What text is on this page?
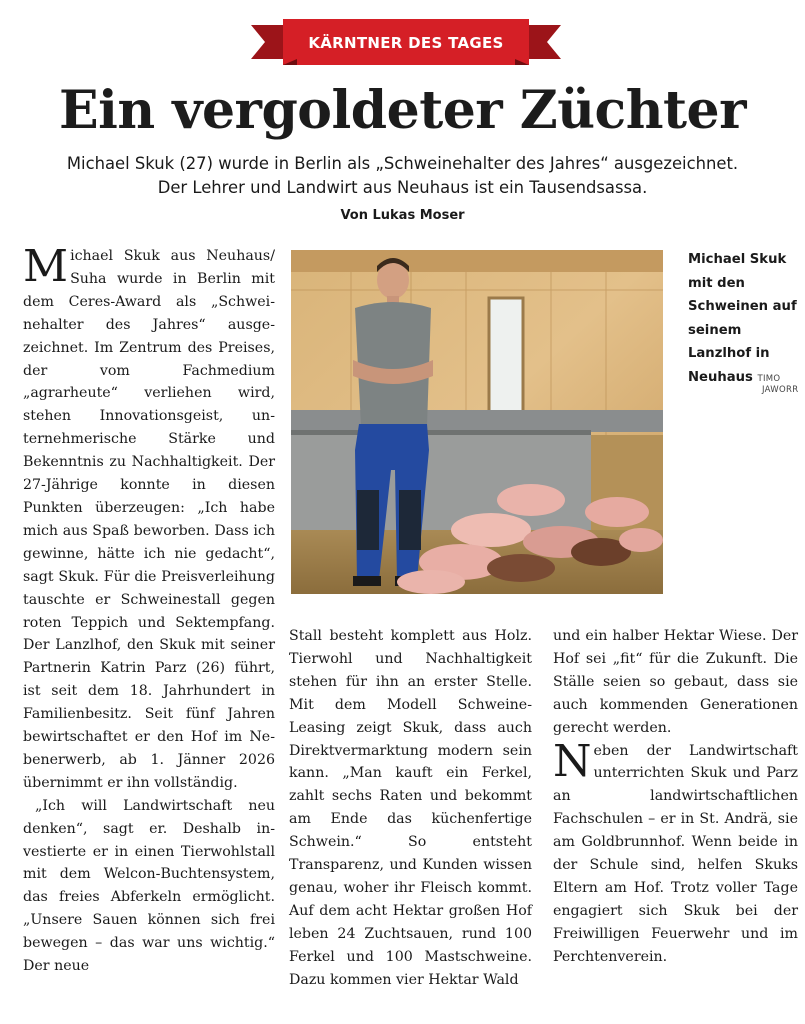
KÄRNTNER DES TAGES
Ein vergoldeter Züchter
Michael Skuk (27) wurde in Berlin als „Schweinehalter des Jahres“ ausgezeichnet. Der Lehrer und Landwirt aus Neuhaus ist ein Tausendsassa.
Von Lukas Moser

Michael Skuk aus Neuhaus/ Suha wurde in Berlin mit dem Ceres-Award als „Schweinehalter des Jahres“ ausgezeichnet. Im Zentrum des Preises, der vom Fachmedium „agrarheute“ verliehen wird, stehen Innovationsgeist, unternehmerische Stärke und Bekenntnis zu Nachhaltigkeit. Der 27-Jährige konnte in diesen Punkten überzeugen: „Ich habe mich aus Spaß beworben. Dass ich gewinne, hätte ich nie gedacht“, sagt Skuk. Für die Preisverleihung tauschte er Schweinestall gegen roten Teppich und Sektempfang. Der Lanzlhof, den Skuk mit seiner Partnerin Katrin Parz (26) führt, ist seit dem 18. Jahrhundert in Familienbesitz. Seit fünf Jahren bewirtschaftet er den Hof im Nebenerwerb, ab 1. Jänner 2026 übernimmt er ihn vollständig.

„Ich will Landwirtschaft neu denken“, sagt er. Deshalb investierte er in einen Tierwohlstall mit dem Welcon-Buchtensystem, das freies Abferkeln ermöglicht. „Unsere Sauen können sich frei bewegen – das war uns wichtig.“ Der neue

Michael Skuk mit den Schweinen auf seinem Lanzlhof in Neuhaus TIMO
JAWORR

Stall besteht komplett aus Holz. Tierwohl und Nachhaltigkeit stehen für ihn an erster Stelle. Mit dem Modell Schweine-Leasing zeigt Skuk, dass auch Direktvermarktung modern sein kann. „Man kauft ein Ferkel, zahlt sechs Raten und bekommt am Ende das küchenfertige Schwein.“ So entsteht Transparenz, und Kunden wissen genau, woher ihr Fleisch kommt. Auf dem acht Hektar großen Hof leben 24 Zuchtsauen, rund 100 Ferkel und 100 Mastschweine. Dazu kommen vier Hektar Wald

und ein halber Hektar Wiese. Der Hof sei „fit“ für die Zukunft. Die Ställe seien so gebaut, dass sie auch kommenden Generationen gerecht werden.

Neben der Landwirtschaft unterrichten Skuk und Parz an landwirtschaftlichen Fachschulen – er in St. Andrä, sie am Goldbrunnhof. Wenn beide in der Schule sind, helfen Skuks Eltern am Hof. Trotz voller Tage engagiert sich Skuk bei der Freiwilligen Feuerwehr und im Perchtenverein.
